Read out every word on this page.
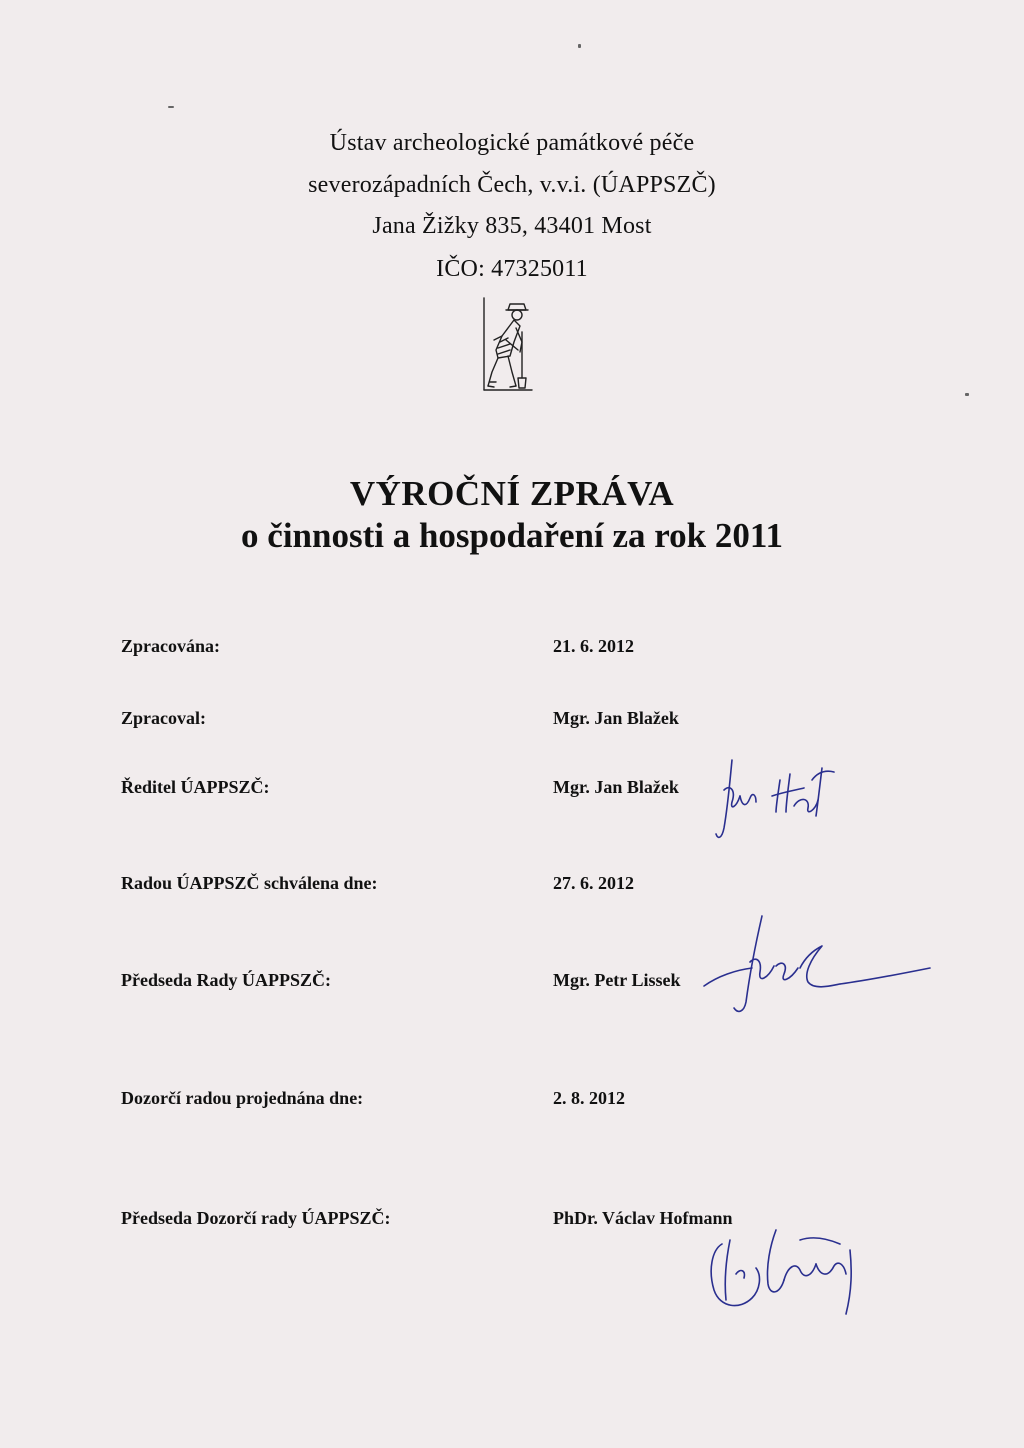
Ústav archeologické památkové péče
severozápadních Čech, v.v.i. (ÚAPPSZČ)
Jana Žižky 835, 43401 Most
IČO: 47325011
VÝROČNÍ ZPRÁVA
o činnosti a hospodaření za rok 2011
Zpracována:	21. 6. 2012
Zpracoval:	Mgr. Jan Blažek
Ředitel ÚAPPSZČ:	Mgr. Jan Blažek
Radou ÚAPPSZČ schválena dne:	27. 6. 2012
Předseda Rady ÚAPPSZČ:	Mgr. Petr Lissek
Dozorčí radou projednána dne:	2. 8. 2012
Předseda Dozorčí rady ÚAPPSZČ:	PhDr. Václav Hofmann
